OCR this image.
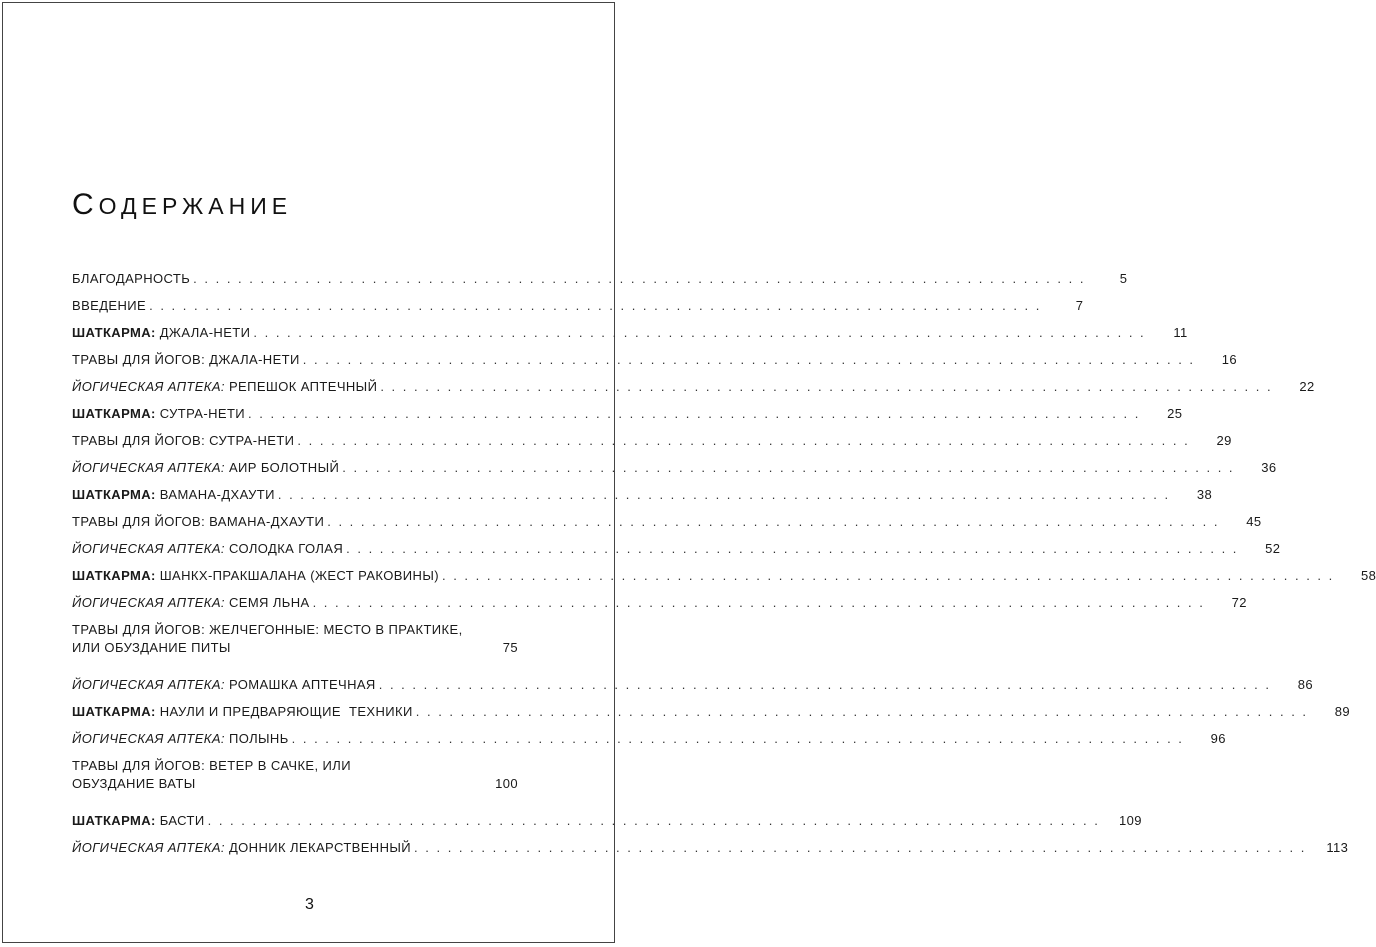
СОДЕРЖАНИЕ
БЛАГОДАРНОСТЬ . . . . . . . . . . . . . . . . . . . . . . . . . . . . . . . . . . . . . . . . . . . . . . . . . . . . . . . . . . . . . . . . . . . . . . . . . . . . . . . .	5
ВВЕДЕНИЕ . . . . . . . . . . . . . . . . . . . . . . . . . . . . . . . . . . . . . . . . . . . . . . . . . . . . . . . . . . . . . . . . . . . . . . . . . . . . . . . .	7
ШАТКАРМА: ДЖАЛА-НЕТИ . . . . . . . . . . . . . . . . . . . . . . . . . . . . . . . . . . . . . . . . . . . . . . . . . . . . . . . . . . . . . . . . . . . . . . . . . . . . . . . .	11
ТРАВЫ ДЛЯ ЙОГОВ: ДЖАЛА-НЕТИ . . . . . . . . . . . . . . . . . . . . . . . . . . . . . . . . . . . . . . . . . . . . . . . . . . . . . . . . . . . . . . . . . . . . . . . . . . . . . . . .	16
ЙОГИЧЕСКАЯ АПТЕКА: РЕПЕШОК АПТЕЧНЫЙ . . . . . . . . . . . . . . . . . . . . . . . . . . . . . . . . . . . . . . . . . . . . . . . . . . . . . . . . . . . . . . . . . . . . . . . . . . . . . . . .	22
ШАТКАРМА: СУТРА-НЕТИ . . . . . . . . . . . . . . . . . . . . . . . . . . . . . . . . . . . . . . . . . . . . . . . . . . . . . . . . . . . . . . . . . . . . . . . . . . . . . . . .	25
ТРАВЫ ДЛЯ ЙОГОВ: СУТРА-НЕТИ . . . . . . . . . . . . . . . . . . . . . . . . . . . . . . . . . . . . . . . . . . . . . . . . . . . . . . . . . . . . . . . . . . . . . . . . . . . . . . . .	29
ЙОГИЧЕСКАЯ АПТЕКА: АИР БОЛОТНЫЙ . . . . . . . . . . . . . . . . . . . . . . . . . . . . . . . . . . . . . . . . . . . . . . . . . . . . . . . . . . . . . . . . . . . . . . . . . . . . . . . .	36
ШАТКАРМА: ВАМАНА-ДХАУТИ . . . . . . . . . . . . . . . . . . . . . . . . . . . . . . . . . . . . . . . . . . . . . . . . . . . . . . . . . . . . . . . . . . . . . . . . . . . . . . . .	38
ТРАВЫ ДЛЯ ЙОГОВ: ВАМАНА-ДХАУТИ . . . . . . . . . . . . . . . . . . . . . . . . . . . . . . . . . . . . . . . . . . . . . . . . . . . . . . . . . . . . . . . . . . . . . . . . . . . . . . . .	45
ЙОГИЧЕСКАЯ АПТЕКА: СОЛОДКА ГОЛАЯ . . . . . . . . . . . . . . . . . . . . . . . . . . . . . . . . . . . . . . . . . . . . . . . . . . . . . . . . . . . . . . . . . . . . . . . . . . . . . . . .	52
ШАТКАРМА: ШАНКХ-ПРАКШАЛАНА (ЖЕСТ РАКОВИНЫ) . . . . . . . . . . . . . . . . . . . . . . . . . . . . . . . . . . . . . . . . . . . . . . . . . . . . . . . . . . . . . . . . . . . . . . . . . . . . . . . .	58
ЙОГИЧЕСКАЯ АПТЕКА: СЕМЯ ЛЬНА . . . . . . . . . . . . . . . . . . . . . . . . . . . . . . . . . . . . . . . . . . . . . . . . . . . . . . . . . . . . . . . . . . . . . . . . . . . . . . . .	72
ТРАВЫ ДЛЯ ЙОГОВ: ЖЕЛЧЕГОННЫЕ: МЕСТО В ПРАКТИКЕ,
ИЛИ ОБУЗДАНИЕ ПИТЫ	75
ЙОГИЧЕСКАЯ АПТЕКА: РОМАШКА АПТЕЧНАЯ . . . . . . . . . . . . . . . . . . . . . . . . . . . . . . . . . . . . . . . . . . . . . . . . . . . . . . . . . . . . . . . . . . . . . . . . . . . . . . . .	86
ШАТКАРМА: НАУЛИ И ПРЕДВАРЯЮЩИЕ  ТЕХНИКИ . . . . . . . . . . . . . . . . . . . . . . . . . . . . . . . . . . . . . . . . . . . . . . . . . . . . . . . . . . . . . . . . . . . . . . . . . . . . . . . .	89
ЙОГИЧЕСКАЯ АПТЕКА: ПОЛЫНЬ . . . . . . . . . . . . . . . . . . . . . . . . . . . . . . . . . . . . . . . . . . . . . . . . . . . . . . . . . . . . . . . . . . . . . . . . . . . . . . . .	96
ТРАВЫ ДЛЯ ЙОГОВ: ВЕТЕР В САЧКЕ, ИЛИ
ОБУЗДАНИЕ ВАТЫ	100
ШАТКАРМА: БАСТИ . . . . . . . . . . . . . . . . . . . . . . . . . . . . . . . . . . . . . . . . . . . . . . . . . . . . . . . . . . . . . . . . . . . . . . . . . . . . . . . .	109
ЙОГИЧЕСКАЯ АПТЕКА: ДОННИК ЛЕКАРСТВЕННЫЙ . . . . . . . . . . . . . . . . . . . . . . . . . . . . . . . . . . . . . . . . . . . . . . . . . . . . . . . . . . . . . . . . . . . . . . . . . . . . . . . .	113
3
